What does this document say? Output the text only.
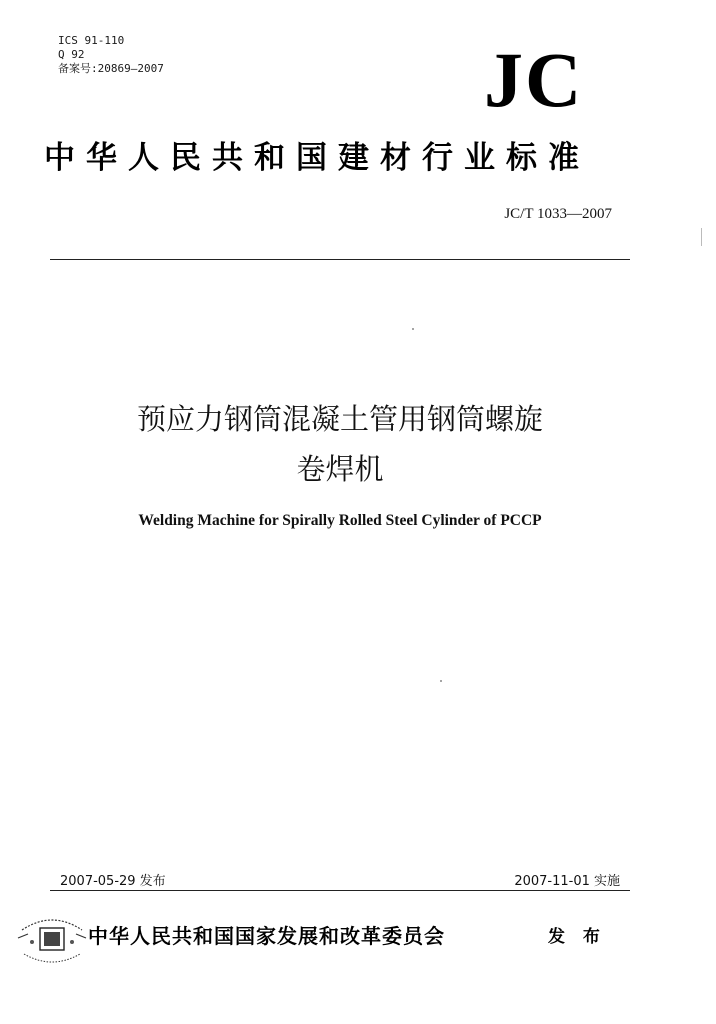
ICS 91-110
Q 92
备案号:20869—2007	JC
中华人民共和国建材行业标准
JC/T 1033—2007
预应力钢筒混凝土管用钢筒螺旋
卷焊机
Welding Machine for Spirally Rolled Steel Cylinder of PCCP
2007-05-29 发布	2007-11-01 实施
中华人民共和国国家发展和改革委员会	发 布
